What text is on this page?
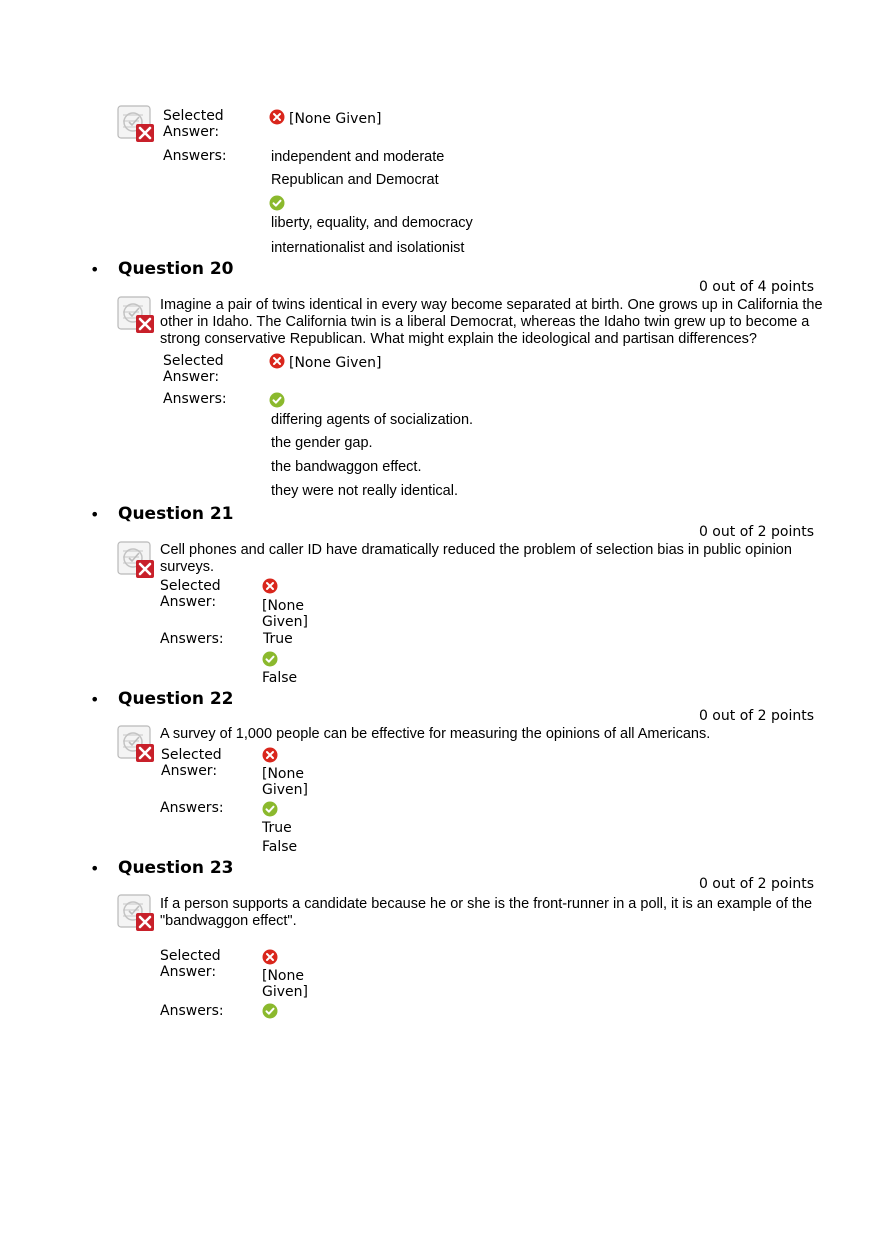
Selected
Answer:
[None Given]
Answers:	independent and moderate
Republican and Democrat
liberty, equality, and democracy
internationalist and isolationist
• Question 20
0 out of 4 points
Imagine a pair of twins identical in every way become separated at birth. One grows up in California the
other in Idaho. The California twin is a liberal Democrat, whereas the Idaho twin grew up to become a
strong conservative Republican. What might explain the ideological and partisan differences?
Selected
Answer:
[None Given]
Answers:
differing agents of socialization.
the gender gap.
the bandwaggon effect.
they were not really identical.
• Question 21
0 out of 2 points
Cell phones and caller ID have dramatically reduced the problem of selection bias in public opinion
surveys.
Selected
Answer:	[None
Given]
Answers:	True
False
• Question 22
0 out of 2 points
A survey of 1,000 people can be effective for measuring the opinions of all Americans.
Selected
Answer:	[None
Given]
Answers:
True
False
• Question 23
0 out of 2 points
If a person supports a candidate because he or she is the front-runner in a poll, it is an example of the
"bandwaggon effect".
Selected
Answer:	[None
Given]
Answers:
